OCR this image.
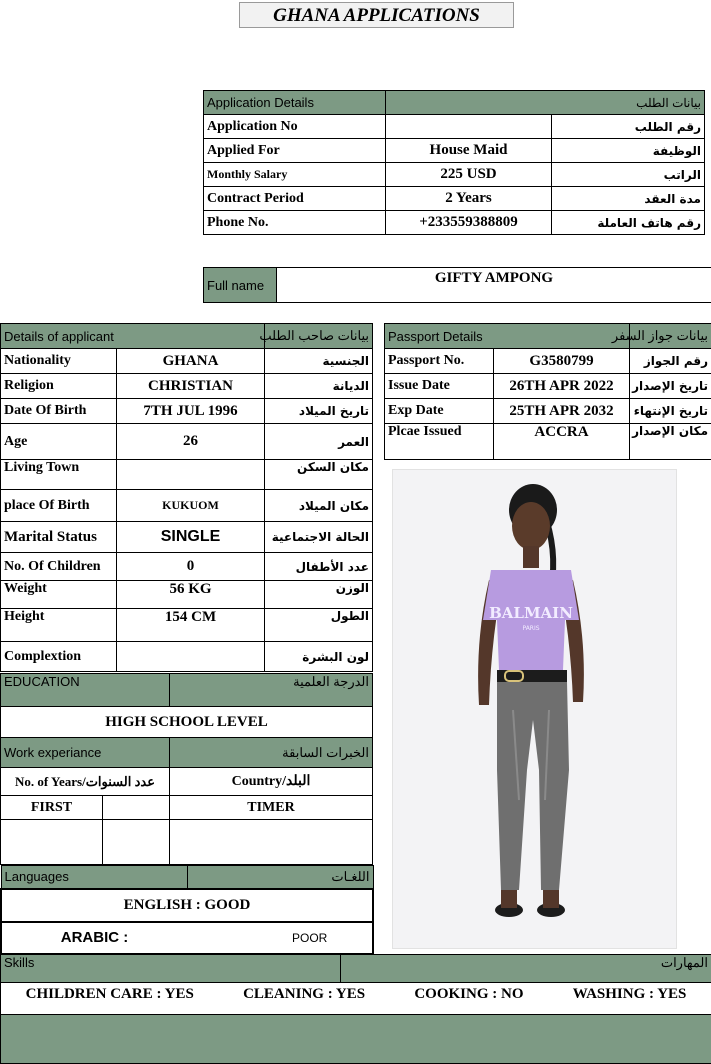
GHANA APPLICATIONS
Application Details	بيانات الطلب	
Application No		رقم الطلب
Applied For	House Maid	الوظيفة
Monthly Salary	225 USD	الراتب
Contract Period	2 Years	مدة العقد
Phone No.	+233559388809	رقم هاتف العاملة
Full name	GIFTY AMPONG
Details of applicant		بيانات صاحب الطلب
Nationality	GHANA	الجنسية
Religion	CHRISTIAN	الديانة
Date Of Birth	7TH JUL 1996	تاريخ الميلاد
Age	26	العمر
Living Town		مكان السكن
place Of Birth	KUKUOM	مكان الميلاد
Marital Status	SINGLE	الحالة الاجتماعية
No. Of Children	0	عدد الأطفال
Weight	56 KG	الوزن
Height	154 CM	الطول
Complextion		لون البشرة
Passport Details		بيانات جواز السفر
Passport No.	G3580799	رقم الجواز
Issue Date	26TH APR 2022	تاريخ الإصدار
Exp Date	25TH APR 2032	تاريخ الإنتهاء
Plcae Issued	ACCRA	مكان الإصدار
BALMAIN
PARIS
EDUCATION	الدرجة العلمية
HIGH SCHOOL LEVEL
Work experiance		الخبرات السابقة
No. of Years/عدد السنوات		Country/البلد
FIRST		TIMER

Languages	اللغـات
ENGLISH : GOOD	
ARABIC :	POOR
Skills	المهارات

CHILDREN CARE : YES	CLEANING : YES	COOKING : NO	WASHING : YES
